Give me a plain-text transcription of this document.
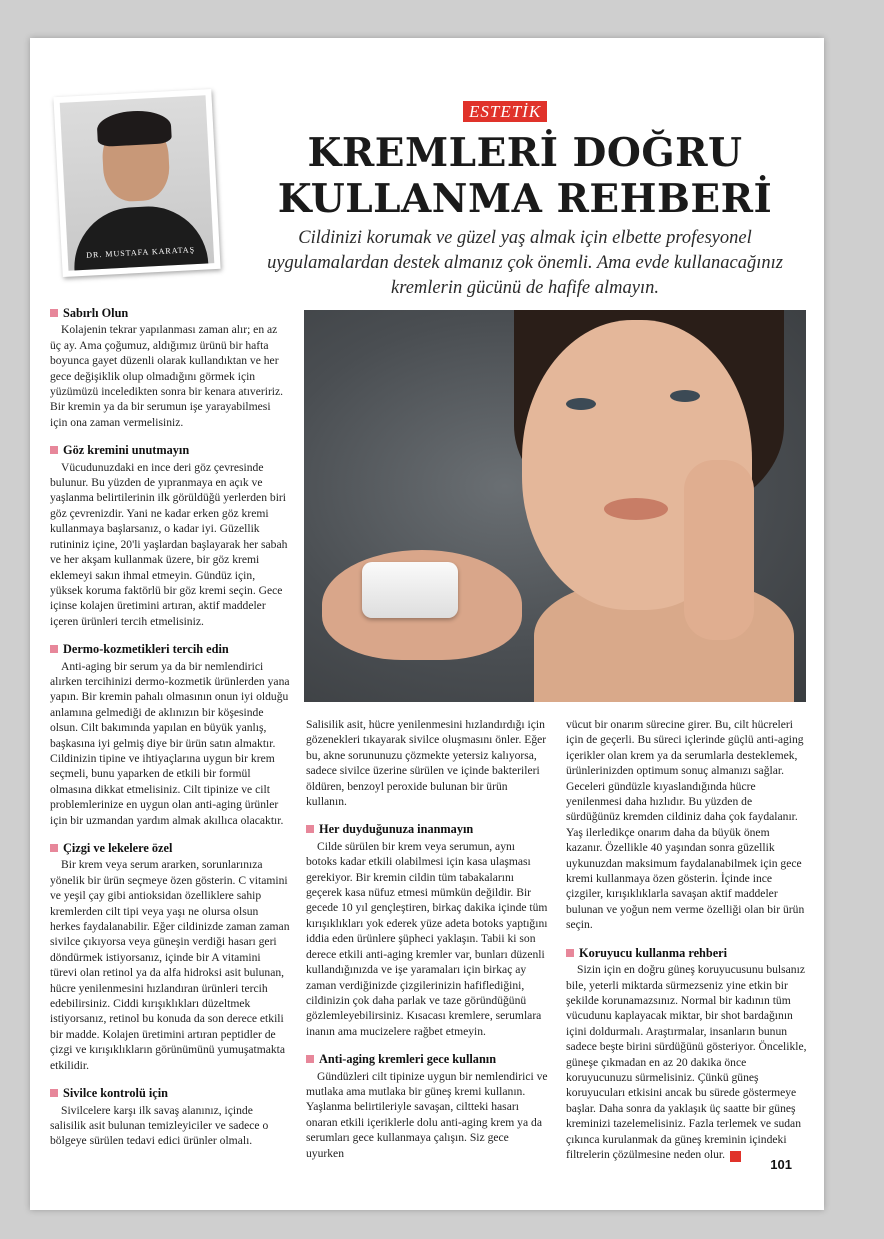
101
DR. MUSTAFA KARATAŞ
ESTETİK
KREMLERİ DOĞRU KULLANMA REHBERİ

Cildinizi korumak ve güzel yaş almak için elbette profesyonel uygulamalardan destek almanız çok önemli. Ama evde kullanacağınız kremlerin gücünü de hafife almayın.

Sabırlı Olun

Kolajenin tekrar yapılanması zaman alır; en az üç ay. Ama çoğumuz, aldığımız ürünü bir hafta boyunca gayet düzenli olarak kullandıktan ve her gece değişiklik olup olmadığını görmek için yüzümüzü inceledikten sonra bir kenara atıveririz. Bir kremin ya da bir serumun işe yarayabilmesi için ona zaman vermelisiniz.

Göz kremini unutmayın

Vücudunuzdaki en ince deri göz çevresinde bulunur. Bu yüzden de yıpranmaya en açık ve yaşlanma belirtilerinin ilk görüldüğü yerlerden biri göz çevrenizdir. Yani ne kadar erken göz kremi kullanmaya başlarsanız, o kadar iyi. Güzellik rutininiz içine, 20'li yaşlardan başlayarak her sabah ve her akşam kullanmak üzere, bir göz kremi eklemeyi sakın ihmal etmeyin. Gündüz için, yüksek koruma faktörlü bir göz kremi seçin. Gece içinse kolajen üretimini artıran, aktif maddeler içeren ürünleri tercih etmelisiniz.

Dermo-kozmetikleri tercih edin

Anti-aging bir serum ya da bir nemlendirici alırken tercihinizi dermo-kozmetik ürünlerden yana yapın. Bir kremin pahalı olmasının onun iyi olduğu anlamına gelmediği de aklınızın bir köşesinde olsun. Cilt bakımında yapılan en büyük yanlış, başkasına iyi gelmiş diye bir ürün satın almaktır. Cildinizin tipine ve ihtiyaçlarına uygun bir krem seçmeli, bunu yaparken de etkili bir formül olmasına dikkat etmelisiniz. Cilt tipinize ve cilt problemlerinize en uygun olan anti-aging ürünler için bir uzmandan yardım almak akıllıca olacaktır.

Çizgi ve lekelere özel

Bir krem veya serum ararken, sorunlarınıza yönelik bir ürün seçmeye özen gösterin. C vitamini ve yeşil çay gibi antioksidan özelliklere sahip kremlerden cilt tipi veya yaşı ne olursa olsun herkes faydalanabilir. Eğer cildinizde zaman zaman sivilce çıkıyorsa veya güneşin verdiği hasarı geri döndürmek istiyorsanız, içinde bir A vitamini türevi olan retinol ya da alfa hidroksi asit bulunan, hücre yenilenmesini hızlandıran ürünleri tercih edebilirsiniz. Ciddi kırışıklıkları düzeltmek istiyorsanız, retinol bu konuda da son derece etkili bir madde. Kolajen üretimini artıran peptidler de çizgi ve kırışıklıkların görünümünü yumuşatmakta etkilidir.

Sivilce kontrolü için

Sivilcelere karşı ilk savaş alanınız, içinde salisilik asit bulunan temizleyiciler ve sadece o bölgeye sürülen tedavi edici ürünler olmalı.

Salisilik asit, hücre yenilenmesini hızlandırdığı için gözenekleri tıkayarak sivilce oluşmasını önler. Eğer bu, akne sorununuzu çözmekte yetersiz kalıyorsa, sadece sivilce üzerine sürülen ve içinde bakterileri öldüren, benzoyl peroxide bulunan bir ürün kullanın.

Her duyduğunuza inanmayın

Cilde sürülen bir krem veya serumun, aynı botoks kadar etkili olabilmesi için kasa ulaşması gerekiyor. Bir kremin cildin tüm tabakalarını geçerek kasa nüfuz etmesi mümkün değildir. Bir gecede 10 yıl gençleştiren, birkaç dakika içinde tüm kırışıklıkları yok ederek yüze adeta botoks yaptığını iddia eden ürünlere şüpheci yaklaşın. Tabii ki son derece etkili anti-aging kremler var, bunları düzenli kullandığınızda ve işe yaramaları için birkaç ay zaman verdiğinizde çizgilerinizin hafiflediğini, cildinizin çok daha parlak ve taze göründüğünü gözlemleyebilirsiniz. Kısacası kremlere, serumlara inanın ama mucizelere rağbet etmeyin.

Anti-aging kremleri gece kullanın

Gündüzleri cilt tipinize uygun bir nemlendirici ve mutlaka ama mutlaka bir güneş kremi kullanın. Yaşlanma belirtileriyle savaşan, ciltteki hasarı onaran etkili içeriklerle dolu anti-aging krem ya da serumları gece kullanmaya çalışın. Siz gece uyurken

vücut bir onarım sürecine girer. Bu, cilt hücreleri için de geçerli. Bu süreci içlerinde güçlü anti-aging içerikler olan krem ya da serumlarla desteklemek, ürünlerinizden optimum sonuç almanızı sağlar. Geceleri gündüzle kıyaslandığında hücre yenilenmesi daha hızlıdır. Bu yüzden de sürdüğünüz kremden cildiniz daha çok faydalanır. Yaş ilerledikçe onarım daha da büyük önem kazanır. Özellikle 40 yaşından sonra güzellik uykunuzdan maksimum faydalanabilmek için gece kremi kullanmaya özen gösterin. İçinde ince çizgiler, kırışıklıklarla savaşan aktif maddeler bulunan ve yoğun nem verme özelliği olan bir ürün seçin.

Koruyucu kullanma rehberi

Sizin için en doğru güneş koruyucusunu bulsanız bile, yeterli miktarda sürmezseniz yine etkin bir şekilde korunamazsınız. Normal bir kadının tüm vücudunu kaplayacak miktar, bir shot bardağının içini doldurmalı. Araştırmalar, insanların bunun sadece beşte birini sürdüğünü gösteriyor. Öncelikle, güneşe çıkmadan en az 20 dakika önce koruyucunuzu sürmelisiniz. Çünkü güneş koruyucuları etkisini ancak bu sürede göstermeye başlar. Daha sonra da yaklaşık üç saatte bir güneş kreminizi tazelemelisiniz. Fazla terlemek ve sudan çıkınca kurulanmak da güneş kreminin içindeki filtrelerin çözülmesine neden olur. H
